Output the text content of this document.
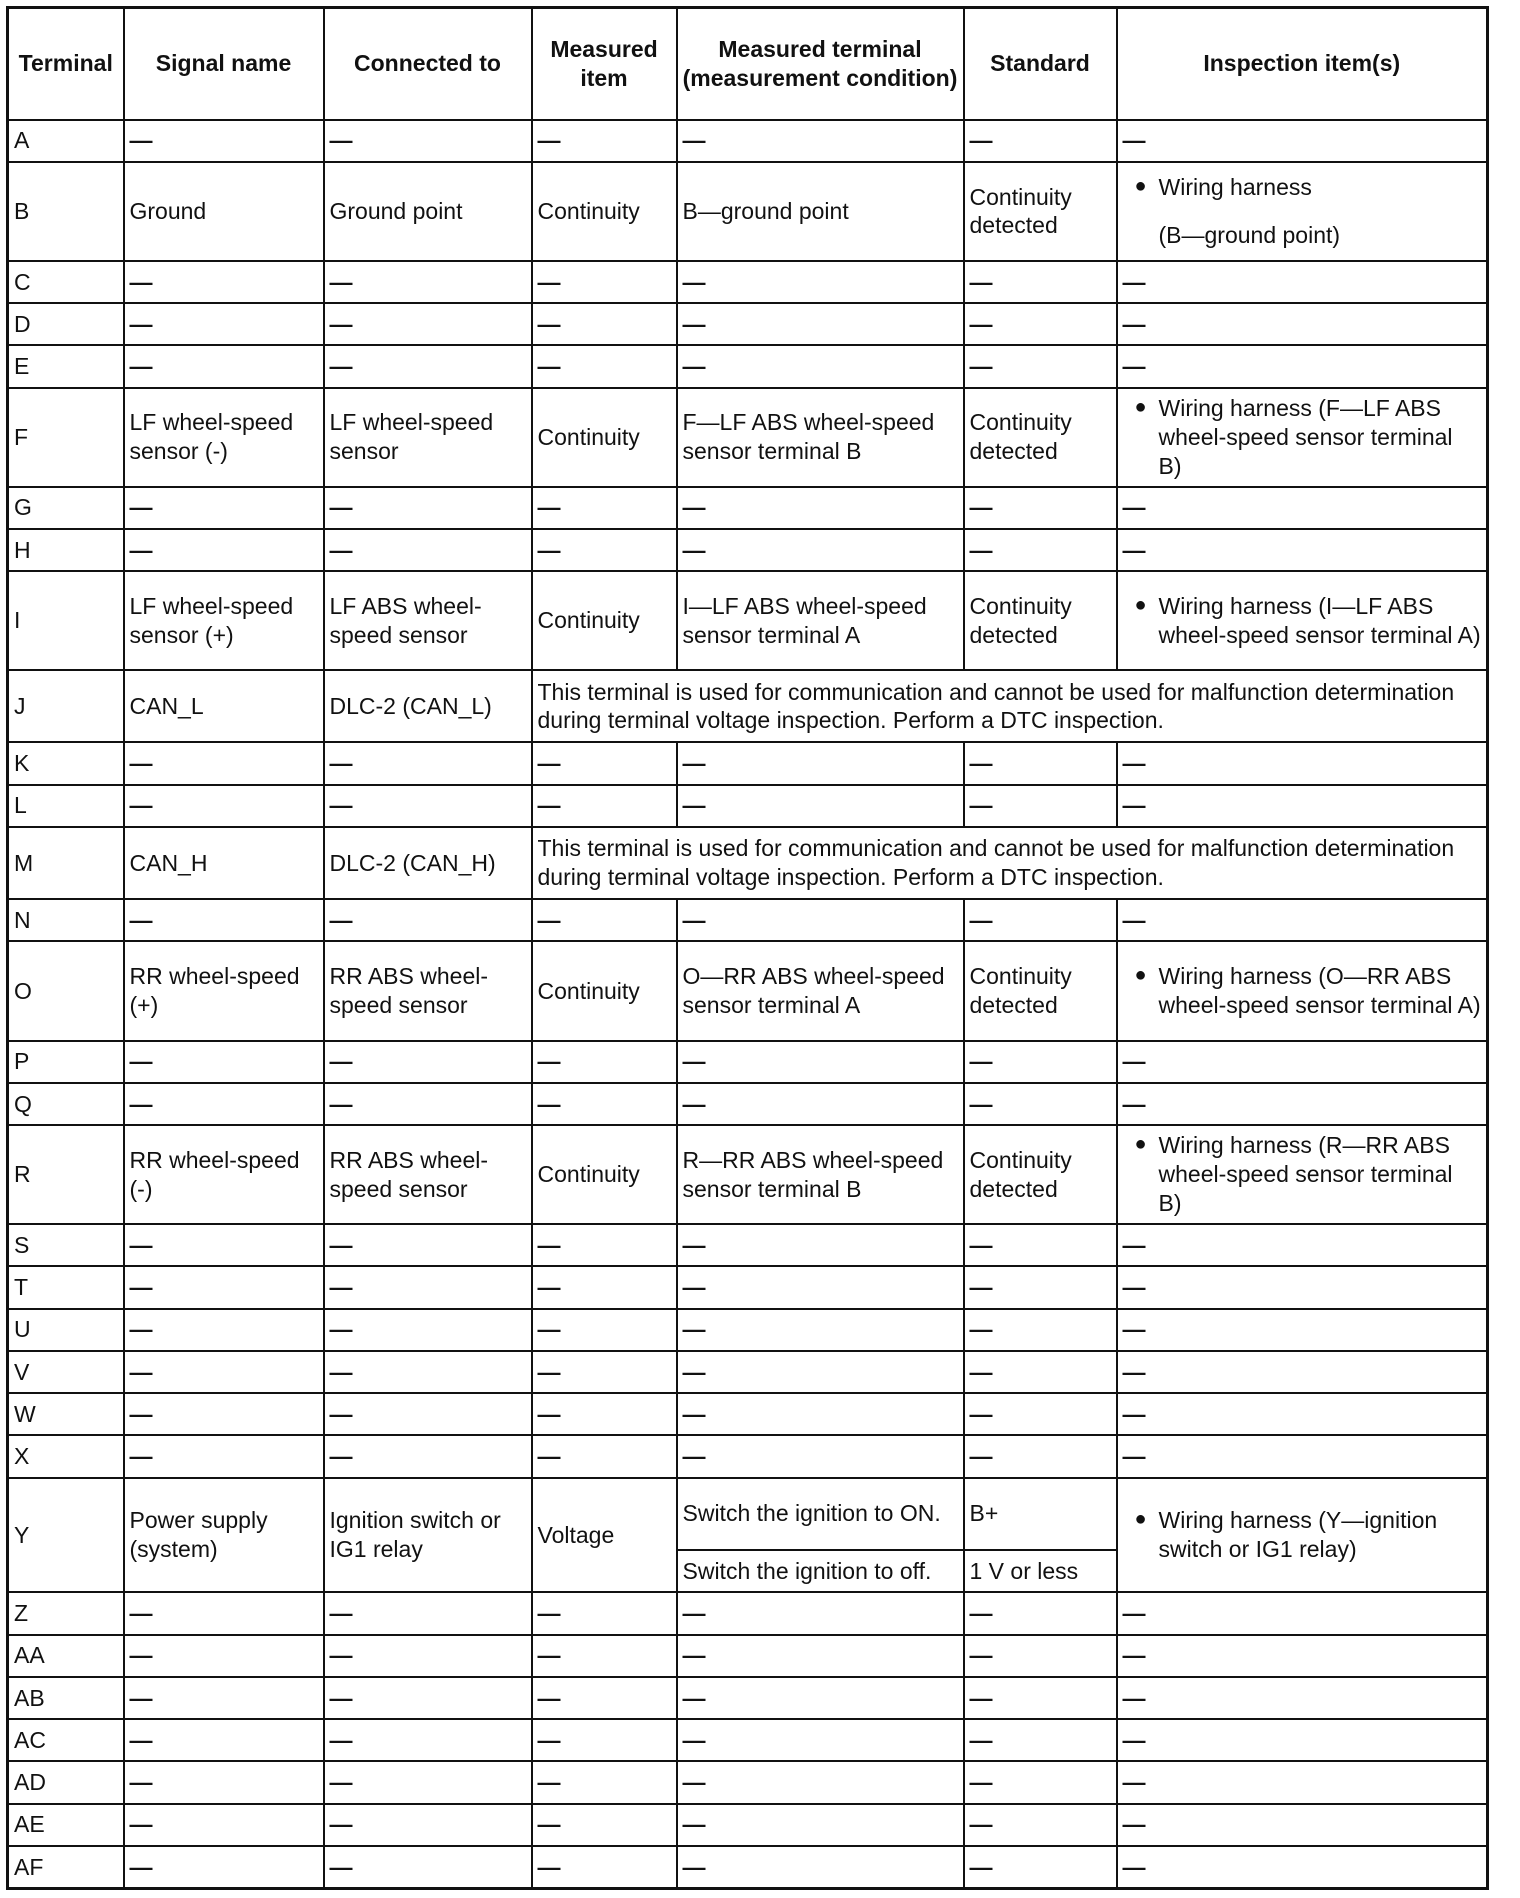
Terminal	Signal name	Connected to	Measured item	Measured terminal (measurement condition)	Standard	Inspection item(s)
A	—	—	—	—	—	—
B	Ground	Ground point	Continuity	B—ground point	Continuity detected	● Wiring harness
(B—ground point)

C	—	—	—	—	—	—
D	—	—	—	—	—	—
E	—	—	—	—	—	—
F	LF wheel-speed sensor (-)	LF wheel-speed sensor	Continuity	F—LF ABS wheel-speed sensor terminal B	Continuity detected	● Wiring harness (F—LF ABS wheel-speed sensor terminal B)

G	—	—	—	—	—	—
H	—	—	—	—	—	—
I	LF wheel-speed sensor (+)	LF ABS wheel-speed sensor	Continuity	I—LF ABS wheel-speed sensor terminal A	Continuity detected	● Wiring harness (I—LF ABS wheel-speed sensor terminal A)

J	CAN_L	DLC-2 (CAN_L)	This terminal is used for communication and cannot be used for malfunction determination during terminal voltage inspection. Perform a DTC inspection.			
K	—	—	—	—	—	—
L	—	—	—	—	—	—
M	CAN_H	DLC-2 (CAN_H)	This terminal is used for communication and cannot be used for malfunction determination during terminal voltage inspection. Perform a DTC inspection.			
N	—	—	—	—	—	—
O	RR wheel-speed (+)	RR ABS wheel-speed sensor	Continuity	O—RR ABS wheel-speed sensor terminal A	Continuity detected	● Wiring harness (O—RR ABS wheel-speed sensor terminal A)

P	—	—	—	—	—	—
Q	—	—	—	—	—	—
R	RR wheel-speed (-)	RR ABS wheel-speed sensor	Continuity	R—RR ABS wheel-speed sensor terminal B	Continuity detected	● Wiring harness (R—RR ABS wheel-speed sensor terminal B)

S	—	—	—	—	—	—
T	—	—	—	—	—	—
U	—	—	—	—	—	—
V	—	—	—	—	—	—
W	—	—	—	—	—	—
X	—	—	—	—	—	—
Y	Power supply (system)	Ignition switch or IG1 relay	Voltage	Switch the ignition to ON.	B+	● Wiring harness (Y—ignition switch or IG1 relay)

				Switch the ignition to off.	1 V or less	
Z	—	—	—	—	—	—
AA	—	—	—	—	—	—
AB	—	—	—	—	—	—
AC	—	—	—	—	—	—
AD	—	—	—	—	—	—
AE	—	—	—	—	—	—
AF	—	—	—	—	—	—
